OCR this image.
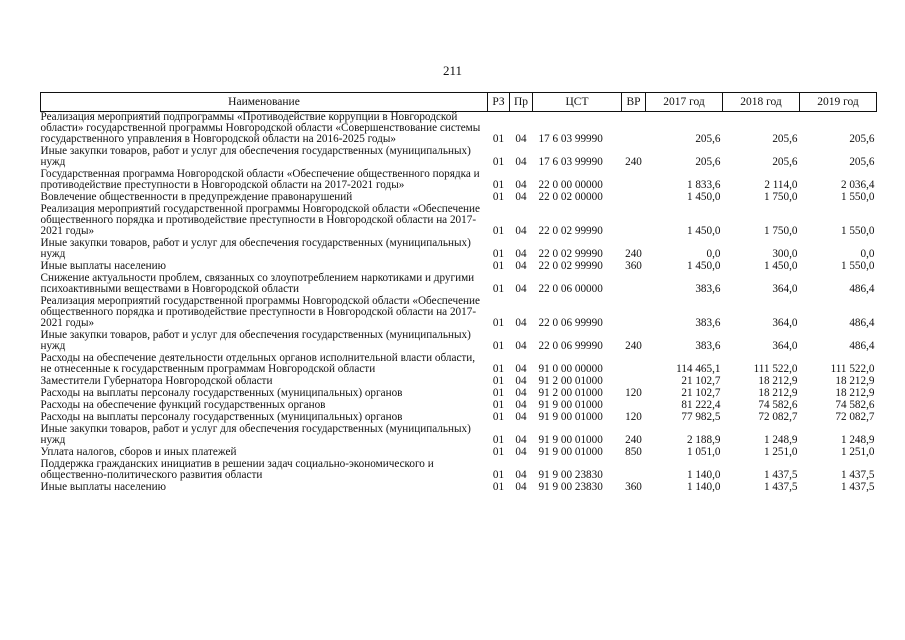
211
Наименование	РЗ	Пр	ЦСТ	ВР	2017 год	2018 год	2019 год
Реализация мероприятий подпрограммы «Противодействие коррупции в Новгородской области» государственной программы Новгородской области «Совершенствование системы государственного управления в Новгородской области на 2016-2025 годы»	01	04	17 6 03 99990		205,6	205,6	205,6
Иные закупки товаров, работ и услуг для обеспечения государственных (муниципальных) нужд	01	04	17 6 03 99990	240	205,6	205,6	205,6
Государственная программа Новгородской области «Обеспечение общественного порядка и противодействие преступности в Новгородской области на 2017-2021 годы»	01	04	22 0 00 00000		1 833,6	2 114,0	2 036,4
Вовлечение общественности в предупреждение правонарушений	01	04	22 0 02 00000		1 450,0	1 750,0	1 550,0
Реализация мероприятий государственной программы Новгородской области «Обеспечение общественного порядка и противодействие преступности в Новгородской области на 2017-2021 годы»	01	04	22 0 02 99990		1 450,0	1 750,0	1 550,0
Иные закупки товаров, работ и услуг для обеспечения государственных (муниципальных) нужд	01	04	22 0 02 99990	240	0,0	300,0	0,0
Иные выплаты населению	01	04	22 0 02 99990	360	1 450,0	1 450,0	1 550,0
Снижение актуальности проблем, связанных со злоупотреблением наркотиками и другими психоактивными веществами в Новгородской области	01	04	22 0 06 00000		383,6	364,0	486,4
Реализация мероприятий государственной программы Новгородской области «Обеспечение общественного порядка и противодействие преступности в Новгородской области на 2017-2021 годы»	01	04	22 0 06 99990		383,6	364,0	486,4
Иные закупки товаров, работ и услуг для обеспечения государственных (муниципальных) нужд	01	04	22 0 06 99990	240	383,6	364,0	486,4
Расходы на обеспечение деятельности отдельных органов исполнительной власти области, не отнесенные к государственным программам Новгородской области	01	04	91 0 00 00000		114 465,1	111 522,0	111 522,0
Заместители Губернатора Новгородской области	01	04	91 2 00 01000		21 102,7	18 212,9	18 212,9
Расходы на выплаты персоналу государственных (муниципальных) органов	01	04	91 2 00 01000	120	21 102,7	18 212,9	18 212,9
Расходы на обеспечение функций государственных органов	01	04	91 9 00 01000		81 222,4	74 582,6	74 582,6
Расходы на выплаты персоналу государственных (муниципальных) органов	01	04	91 9 00 01000	120	77 982,5	72 082,7	72 082,7
Иные закупки товаров, работ и услуг для обеспечения государственных (муниципальных) нужд	01	04	91 9 00 01000	240	2 188,9	1 248,9	1 248,9
Уплата налогов, сборов и иных платежей	01	04	91 9 00 01000	850	1 051,0	1 251,0	1 251,0
Поддержка гражданских инициатив в решении задач социально-экономического и общественно-политического развития области	01	04	91 9 00 23830		1 140,0	1 437,5	1 437,5
Иные выплаты населению	01	04	91 9 00 23830	360	1 140,0	1 437,5	1 437,5
